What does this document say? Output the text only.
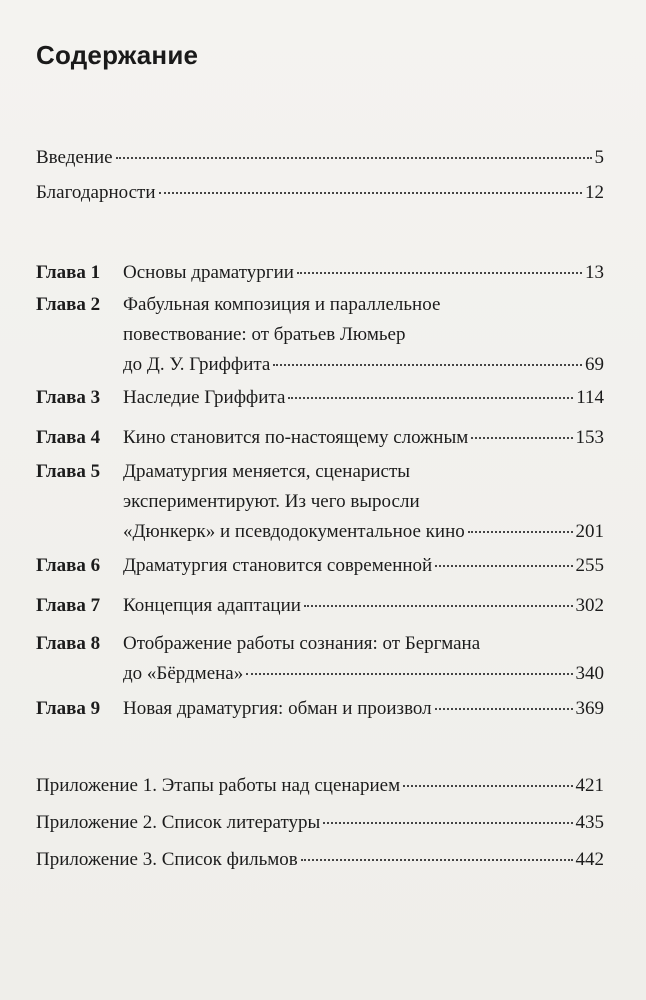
Содержание
Введение	5
Благодарности	12
Глава 1 Основы драматургии	13
Глава 2 Фабульная композиция и параллельное
повествование: от братьев Люмьер
до Д. У. Гриффита	69
Глава 3 Наследие Гриффита	114
Глава 4 Кино становится по-настоящему сложным	153
Глава 5 Драматургия меняется, сценаристы
экспериментируют. Из чего выросли
«Дюнкерк» и псевдодокументальное кино	201
Глава 6 Драматургия становится современной	255
Глава 7 Концепция адаптации	302
Глава 8 Отображение работы сознания: от Бергмана
до «Бёрдмена»	340
Глава 9 Новая драматургия: обман и произвол	369
Приложение 1. Этапы работы над сценарием	421
Приложение 2. Список литературы	435
Приложение 3. Список фильмов	442
